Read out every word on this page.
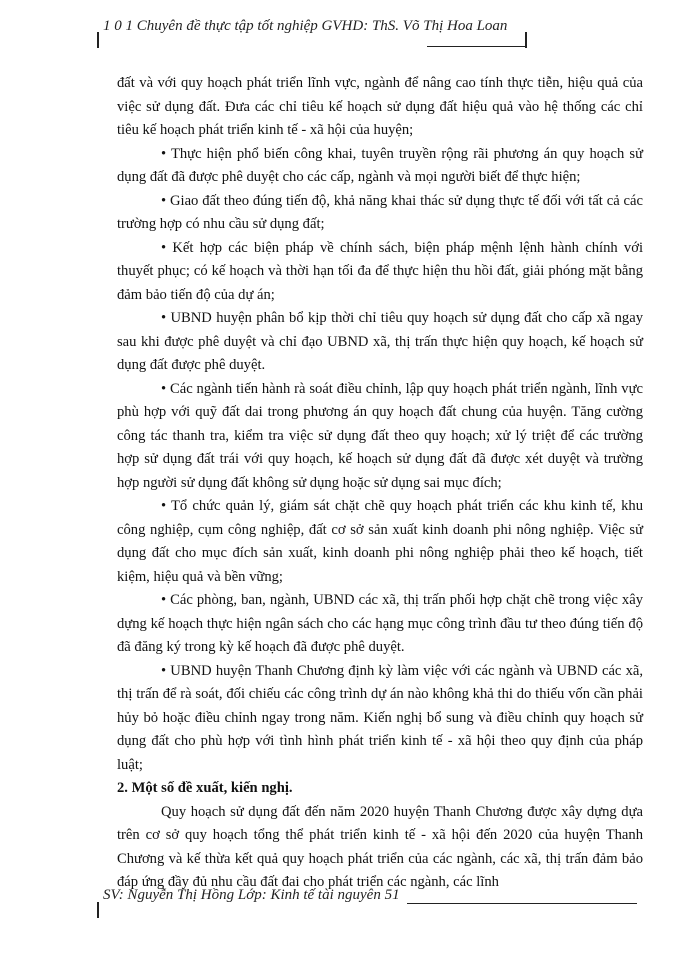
1 0 1 Chuyên đề thực tập tốt nghiệp GVHD: ThS. Võ Thị Hoa Loan

đất và với quy hoạch phát triển lĩnh vực, ngành để nâng cao tính thực tiễn, hiệu quả của việc sử dụng đất. Đưa các chỉ tiêu kế hoạch sử dụng đất hiệu quả vào hệ thống các chỉ tiêu kế hoạch phát triển kinh tế - xã hội của huyện;

• Thực hiện phổ biến công khai, tuyên truyền rộng rãi phương án quy hoạch sử dụng đất đã được phê duyệt cho các cấp, ngành và mọi người biết để thực hiện;

• Giao đất theo đúng tiến độ, khả năng khai thác sử dụng thực tế đối với tất cả các trường hợp có nhu cầu sử dụng đất;

• Kết hợp các biện pháp về chính sách, biện pháp mệnh lệnh hành chính với thuyết phục; có kế hoạch và thời hạn tối đa để thực hiện thu hồi đất, giải phóng mặt bằng đảm bảo tiến độ của dự án;

• UBND huyện phân bổ kịp thời chỉ tiêu quy hoạch sử dụng đất cho cấp xã ngay sau khi được phê duyệt và chỉ đạo UBND xã, thị trấn thực hiện quy hoạch, kế hoạch sử dụng đất được phê duyệt.

• Các ngành tiến hành rà soát điều chỉnh, lập quy hoạch phát triển ngành, lĩnh vực phù hợp với quỹ đất dai trong phương án quy hoạch đất chung của huyện. Tăng cường công tác thanh tra, kiểm tra việc sử dụng đất theo quy hoạch; xử lý triệt để các trường hợp sử dụng đất trái với quy hoạch, kế hoạch sử dụng đất đã được xét duyệt và trường hợp người sử dụng đất không sử dụng hoặc sử dụng sai mục đích;

• Tổ chức quản lý, giám sát chặt chẽ quy hoạch phát triển các khu kinh tế, khu công nghiệp, cụm công nghiệp, đất cơ sở sản xuất kinh doanh phi nông nghiệp. Việc sử dụng đất cho mục đích sản xuất, kinh doanh phi nông nghiệp phải theo kế hoạch, tiết kiệm, hiệu quả và bền vững;

• Các phòng, ban, ngành, UBND các xã, thị trấn phối hợp chặt chẽ trong việc xây dựng kế hoạch thực hiện ngân sách cho các hạng mục công trình đầu tư theo đúng tiến độ đã đăng ký trong kỳ kế hoạch đã được phê duyệt.

• UBND huyện Thanh Chương định kỳ làm việc với các ngành và UBND các xã, thị trấn để rà soát, đối chiếu các công trình dự án nào không khả thi do thiếu vốn cần phải hủy bỏ hoặc điều chỉnh ngay trong năm. Kiến nghị bổ sung và điều chỉnh quy hoạch sử dụng đất cho phù hợp với tình hình phát triển kinh tế - xã hội theo quy định của pháp luật;

2. Một số đề xuất, kiến nghị.

Quy hoạch sử dụng đất đến năm 2020 huyện Thanh Chương được xây dựng dựa trên cơ sở quy hoạch tổng thể phát triển kinh tế - xã hội đến 2020 của huyện Thanh Chương và kế thừa kết quả quy hoạch phát triển của các ngành, các xã, thị trấn đảm bảo đáp ứng đầy đủ nhu cầu đất đai cho phát triển các ngành, các lĩnh

SV: Nguyễn Thị Hồng Lớp: Kinh tế tài nguyên 51
